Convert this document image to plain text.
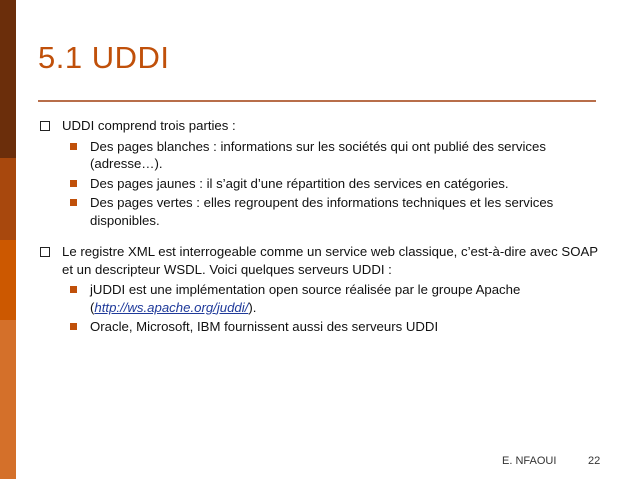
5.1 UDDI
UDDI comprend trois parties :
Des pages blanches : informations sur les sociétés qui ont publié des services (adresse…).
Des pages jaunes : il s’agit d’une répartition des services en catégories.
Des pages vertes : elles regroupent des informations techniques et les services disponibles.
Le registre XML est interrogeable comme un service web classique, c’est-à-dire avec SOAP et un descripteur WSDL. Voici quelques serveurs UDDI :
jUDDI est une implémentation open source réalisée par le groupe Apache (http://ws.apache.org/juddi/).
Oracle, Microsoft, IBM fournissent aussi des serveurs UDDI
E. NFAOUI	22
